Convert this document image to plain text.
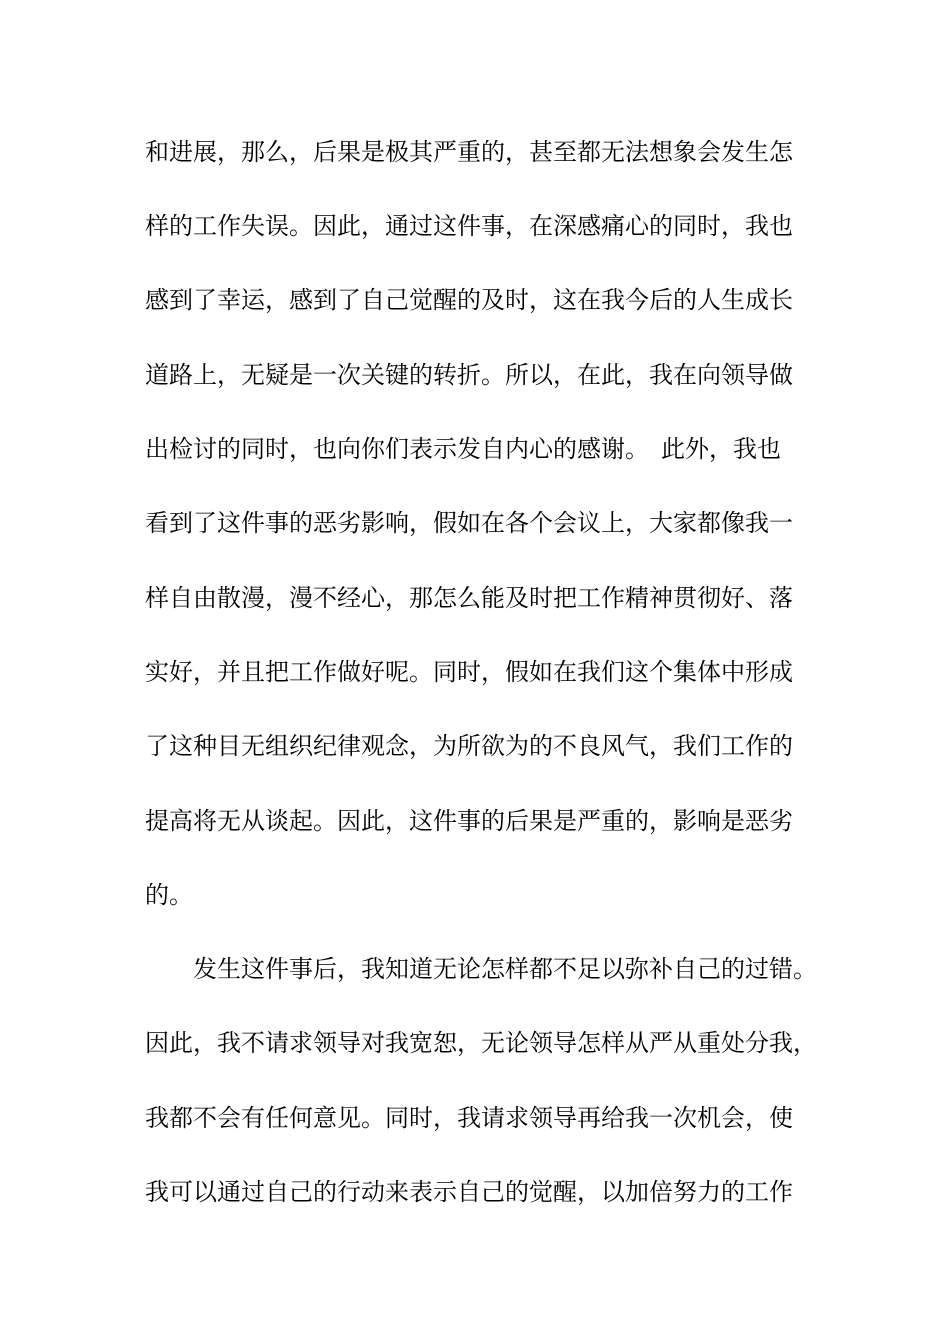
和进展，那么，后果是极其严重的，甚至都无法想象会发生怎
样的工作失误。因此，通过这件事，在深感痛心的同时，我也
感到了幸运，感到了自己觉醒的及时，这在我今后的人生成长
道路上，无疑是一次关键的转折。所以，在此，我在向领导做
出检讨的同时，也向你们表示发自内心的感谢。　此外，我也
看到了这件事的恶劣影响，假如在各个会议上，大家都像我一
样自由散漫，漫不经心，那怎么能及时把工作精神贯彻好、落
实好，并且把工作做好呢。同时，假如在我们这个集体中形成
了这种目无组织纪律观念，为所欲为的不良风气，我们工作的
提高将无从谈起。因此，这件事的后果是严重的，影响是恶劣
的。
发生这件事后，我知道无论怎样都不足以弥补自己的过错。
因此，我不请求领导对我宽恕，无论领导怎样从严从重处分我，
我都不会有任何意见。同时，我请求领导再给我一次机会，使
我可以通过自己的行动来表示自己的觉醒，以加倍努力的工作
